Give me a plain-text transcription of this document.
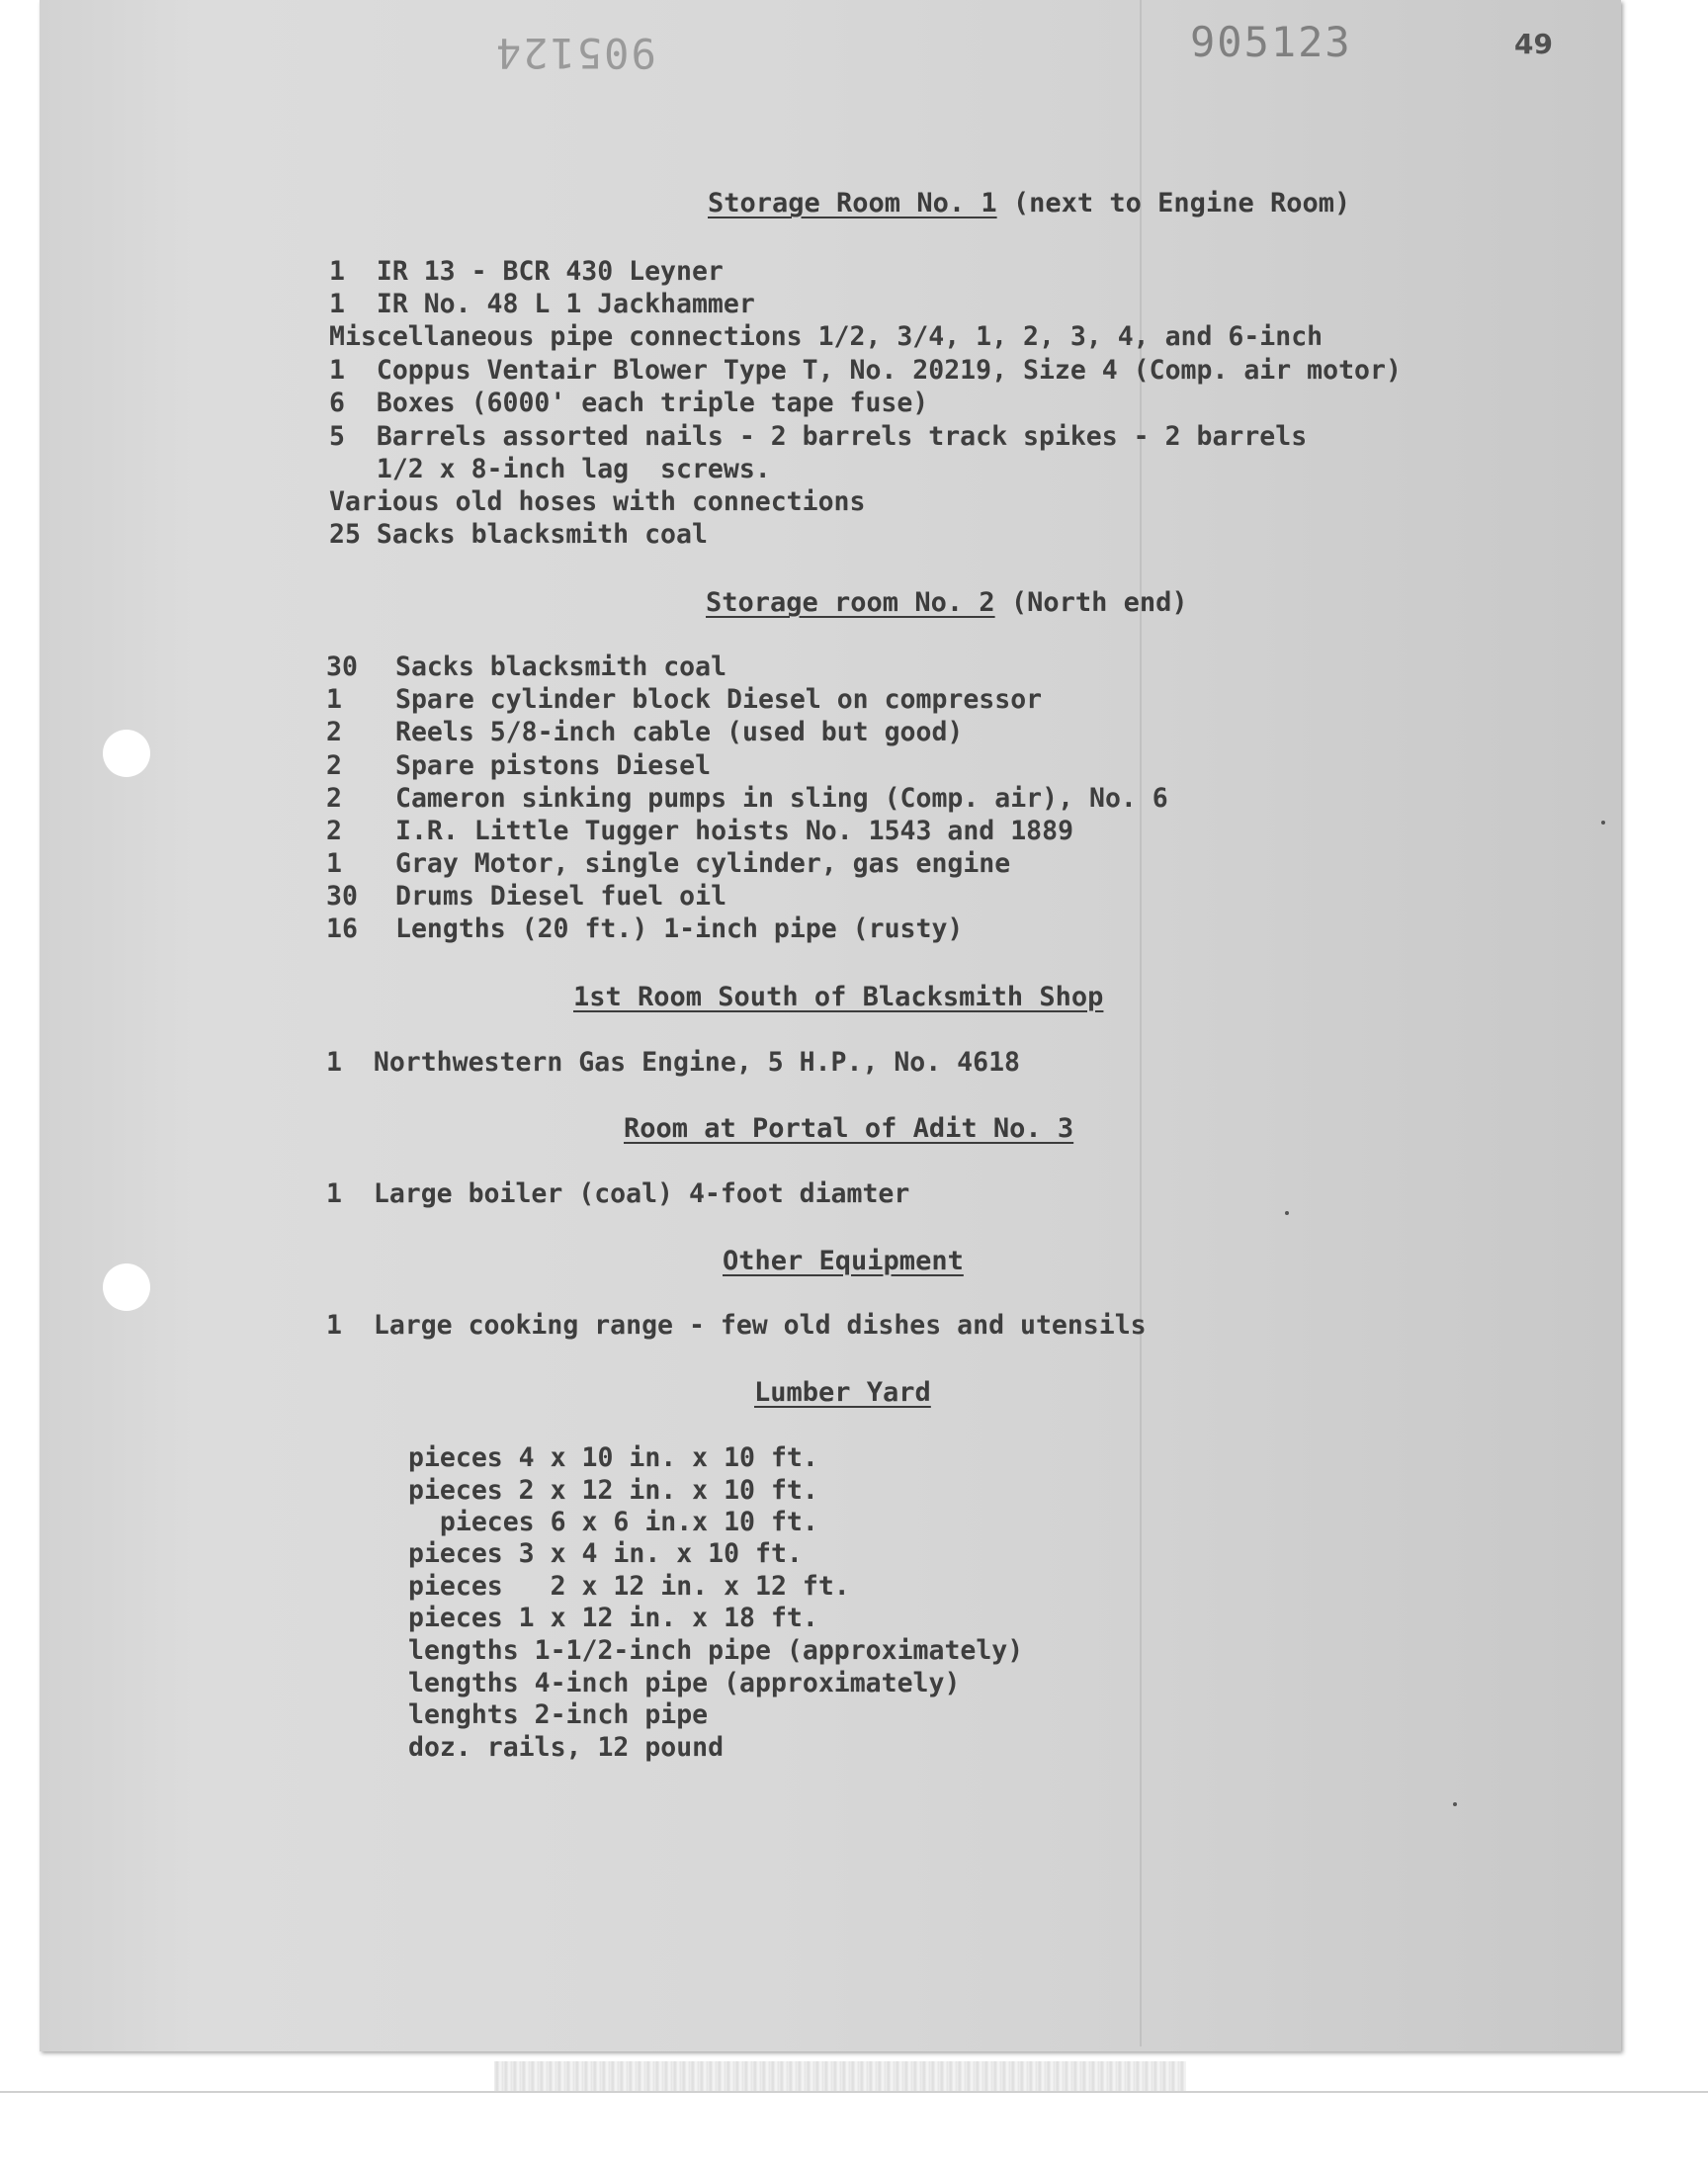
905124	905123	49
Storage Room No. 1 (next to Engine Room)
1  IR 13 - BCR 430 Leyner
1  IR No. 48 L 1 Jackhammer
Miscellaneous pipe connections 1/2, 3/4, 1, 2, 3, 4, and 6-inch
1  Coppus Ventair Blower Type T, No. 20219, Size 4 (Comp. air motor)
6  Boxes (6000' each triple tape fuse)
5  Barrels assorted nails - 2 barrels track spikes - 2 barrels
1/2 x 8-inch lag  screws.
Various old hoses with connections
25 Sacks blacksmith coal
Storage room No. 2 (North end)
30 Sacks blacksmith coal
1 Spare cylinder block Diesel on compressor
2 Reels 5/8-inch cable (used but good)
2 Spare pistons Diesel
2 Cameron sinking pumps in sling (Comp. air), No. 6
2 I.R. Little Tugger hoists No. 1543 and 1889
1 Gray Motor, single cylinder, gas engine
30 Drums Diesel fuel oil
16 Lengths (20 ft.) 1-inch pipe (rusty)
1st Room South of Blacksmith Shop
1  Northwestern Gas Engine, 5 H.P., No. 4618
Room at Portal of Adit No. 3
1  Large boiler (coal) 4-foot diamter
Other Equipment
1  Large cooking range - few old dishes and utensils
Lumber Yard
pieces 4 x 10 in. x 10 ft.
pieces 2 x 12 in. x 10 ft.
pieces 6 x 6 in.x 10 ft.
pieces 3 x 4 in. x 10 ft.
pieces   2 x 12 in. x 12 ft.
pieces 1 x 12 in. x 18 ft.
lengths 1-1/2-inch pipe (approximately)
lengths 4-inch pipe (approximately)
lenghts 2-inch pipe
doz. rails, 12 pound
